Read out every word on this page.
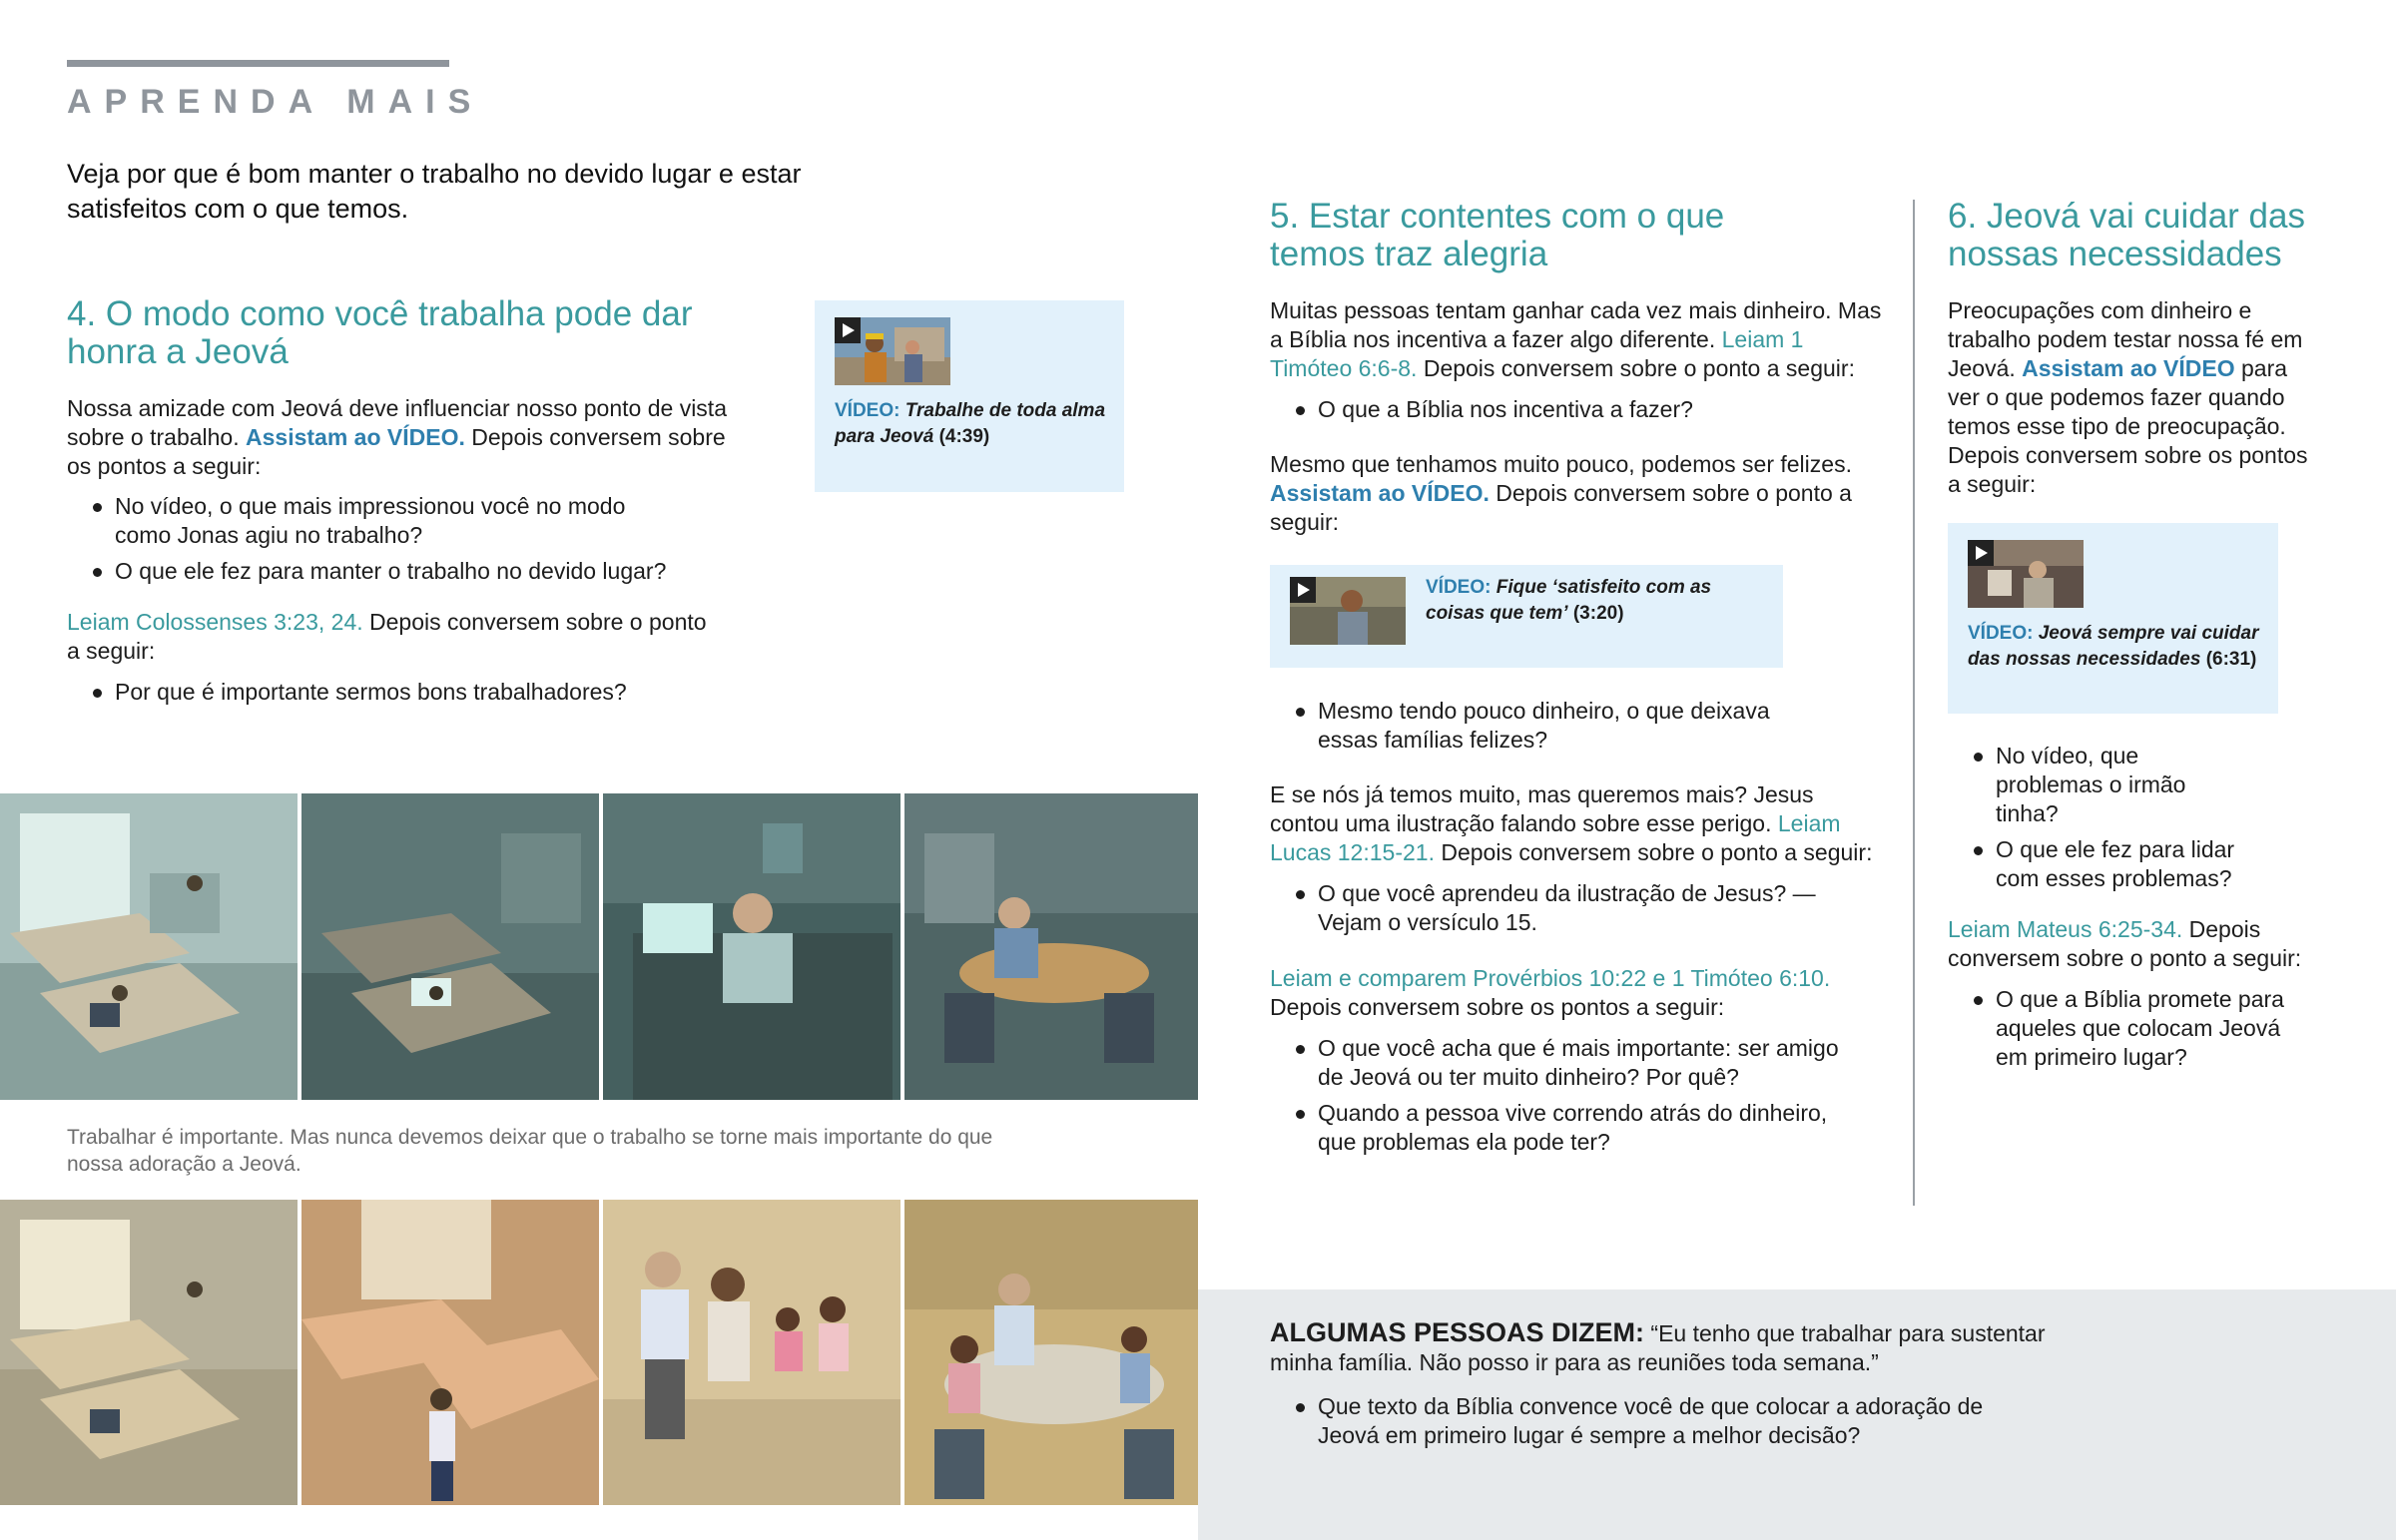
APRENDA MAIS

Veja por que é bom manter o trabalho no devido lugar e estar satisfeitos com o que temos.

4. O modo como você trabalha pode dar honra a Jeová

Nossa amizade com Jeová deve influenciar nosso ponto de vista sobre o trabalho. Assistam ao VÍDEO. Depois conversem sobre os pontos a seguir:

No vídeo, o que mais impressionou você no modo como Jonas agiu no trabalho?
O que ele fez para manter o trabalho no devido lugar?

Leiam Colossenses 3:23, 24. Depois conversem sobre o ponto a seguir:

Por que é importante sermos bons trabalhadores?
VÍDEO: Trabalhe de toda alma para Jeová (4:39)

Trabalhar é importante. Mas nunca devemos deixar que o trabalho se torne mais importante do que nossa adoração a Jeová.

5. Estar contentes com o que temos traz alegria

Muitas pessoas tentam ganhar cada vez mais dinheiro. Mas a Bíblia nos incentiva a fazer algo diferente. Leiam 1 Timóteo 6:6-8. Depois conversem sobre o ponto a seguir:

O que a Bíblia nos incentiva a fazer?

Mesmo que tenhamos muito pouco, podemos ser felizes. Assistam ao VÍDEO. Depois conversem sobre o ponto a seguir:

VÍDEO: Fique ‘satisfeito com as coisas que tem’ (3:20)
Mesmo tendo pouco dinheiro, o que deixava essas famílias felizes?

E se nós já temos muito, mas queremos mais? Jesus contou uma ilustração falando sobre esse perigo. Leiam Lucas 12:15-21. Depois conversem sobre o ponto a seguir:

O que você aprendeu da ilustração de Jesus? — Vejam o versículo 15.

Leiam e comparem Provérbios 10:22 e 1 Timóteo 6:10. Depois conversem sobre os pontos a seguir:

O que você acha que é mais importante: ser amigo de Jeová ou ter muito dinheiro? Por quê?
Quando a pessoa vive correndo atrás do dinheiro, que problemas ela pode ter?
6. Jeová vai cuidar das nossas necessidades

Preocupações com dinheiro e trabalho podem testar nossa fé em Jeová. Assistam ao VÍDEO para ver o que podemos fazer quando temos esse tipo de preocupação. Depois conversem sobre os pontos a seguir:

VÍDEO: Jeová sempre vai cuidar das nossas necessidades (6:31)
No vídeo, que problemas o irmão tinha?
O que ele fez para lidar com esses problemas?

Leiam Mateus 6:25-34. Depois conversem sobre o ponto a seguir:

O que a Bíblia promete para aqueles que colocam Jeová em primeiro lugar?

ALGUMAS PESSOAS DIZEM: “Eu tenho que trabalhar para sustentar minha família. Não posso ir para as reuniões toda semana.”

Que texto da Bíblia convence você de que colocar a adoração de Jeová em primeiro lugar é sempre a melhor decisão?
